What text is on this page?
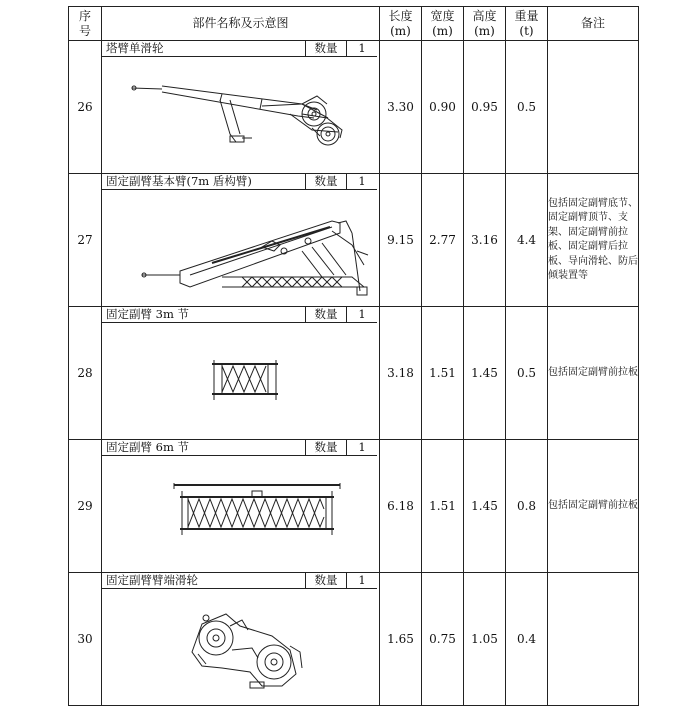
序号	部件名称及示意图	长度(m)	宽度(m)	高度(m)	重量(t)	备注
26	塔臂单滑轮 数量 1	3.30	0.90	0.95	0.5	
27	固定副臂基本臂(7m 盾构臂) 数量 1	9.15	2.77	3.16	4.4	包括固定副臂底节、固定副臂顶节、支架、固定副臂前拉板、固定副臂后拉板、导向滑轮、防后倾装置等
28	固定副臂 3m 节 数量 1	3.18	1.51	1.45	0.5	包括固定副臂前拉板
29	固定副臂 6m 节 数量 1	6.18	1.51	1.45	0.8	包括固定副臂前拉板
30	固定副臂臂端滑轮 数量 1	1.65	0.75	1.05	0.4	
